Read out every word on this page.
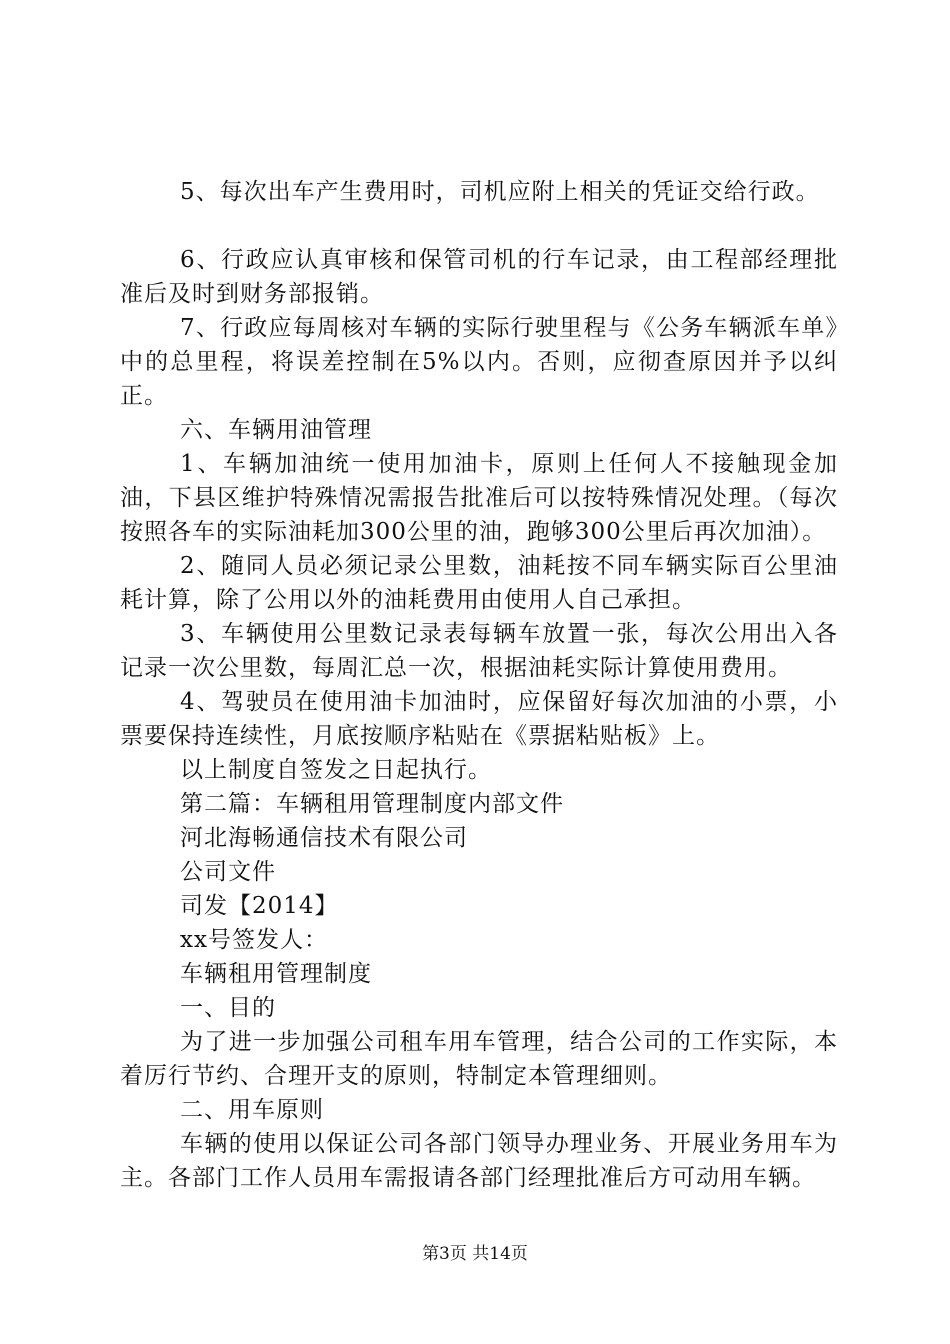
5、每次出车产生费用时，司机应附上相关的凭证交给行政。

6、行政应认真审核和保管司机的行车记录，由工程部经理批准后及时到财务部报销。

7、行政应每周核对车辆的实际行驶里程与《公务车辆派车单》中的总里程，将误差控制在5%以内。否则，应彻查原因并予以纠正。

六、车辆用油管理

1、车辆加油统一使用加油卡，原则上任何人不接触现金加油，下县区维护特殊情况需报告批准后可以按特殊情况处理。（每次按照各车的实际油耗加300公里的油，跑够300公里后再次加油）。

2、随同人员必须记录公里数，油耗按不同车辆实际百公里油耗计算，除了公用以外的油耗费用由使用人自己承担。

3、车辆使用公里数记录表每辆车放置一张，每次公用出入各记录一次公里数，每周汇总一次，根据油耗实际计算使用费用。

4、驾驶员在使用油卡加油时，应保留好每次加油的小票，小票要保持连续性，月底按顺序粘贴在《票据粘贴板》上。

以上制度自签发之日起执行。

第二篇：车辆租用管理制度内部文件

河北海畅通信技术有限公司

公司文件

司发【2014】

xx号签发人：

车辆租用管理制度

一、目的

为了进一步加强公司租车用车管理，结合公司的工作实际，本着厉行节约、合理开支的原则，特制定本管理细则。

二、用车原则

车辆的使用以保证公司各部门领导办理业务、开展业务用车为主。各部门工作人员用车需报请各部门经理批准后方可动用车辆。

第3页 共14页
